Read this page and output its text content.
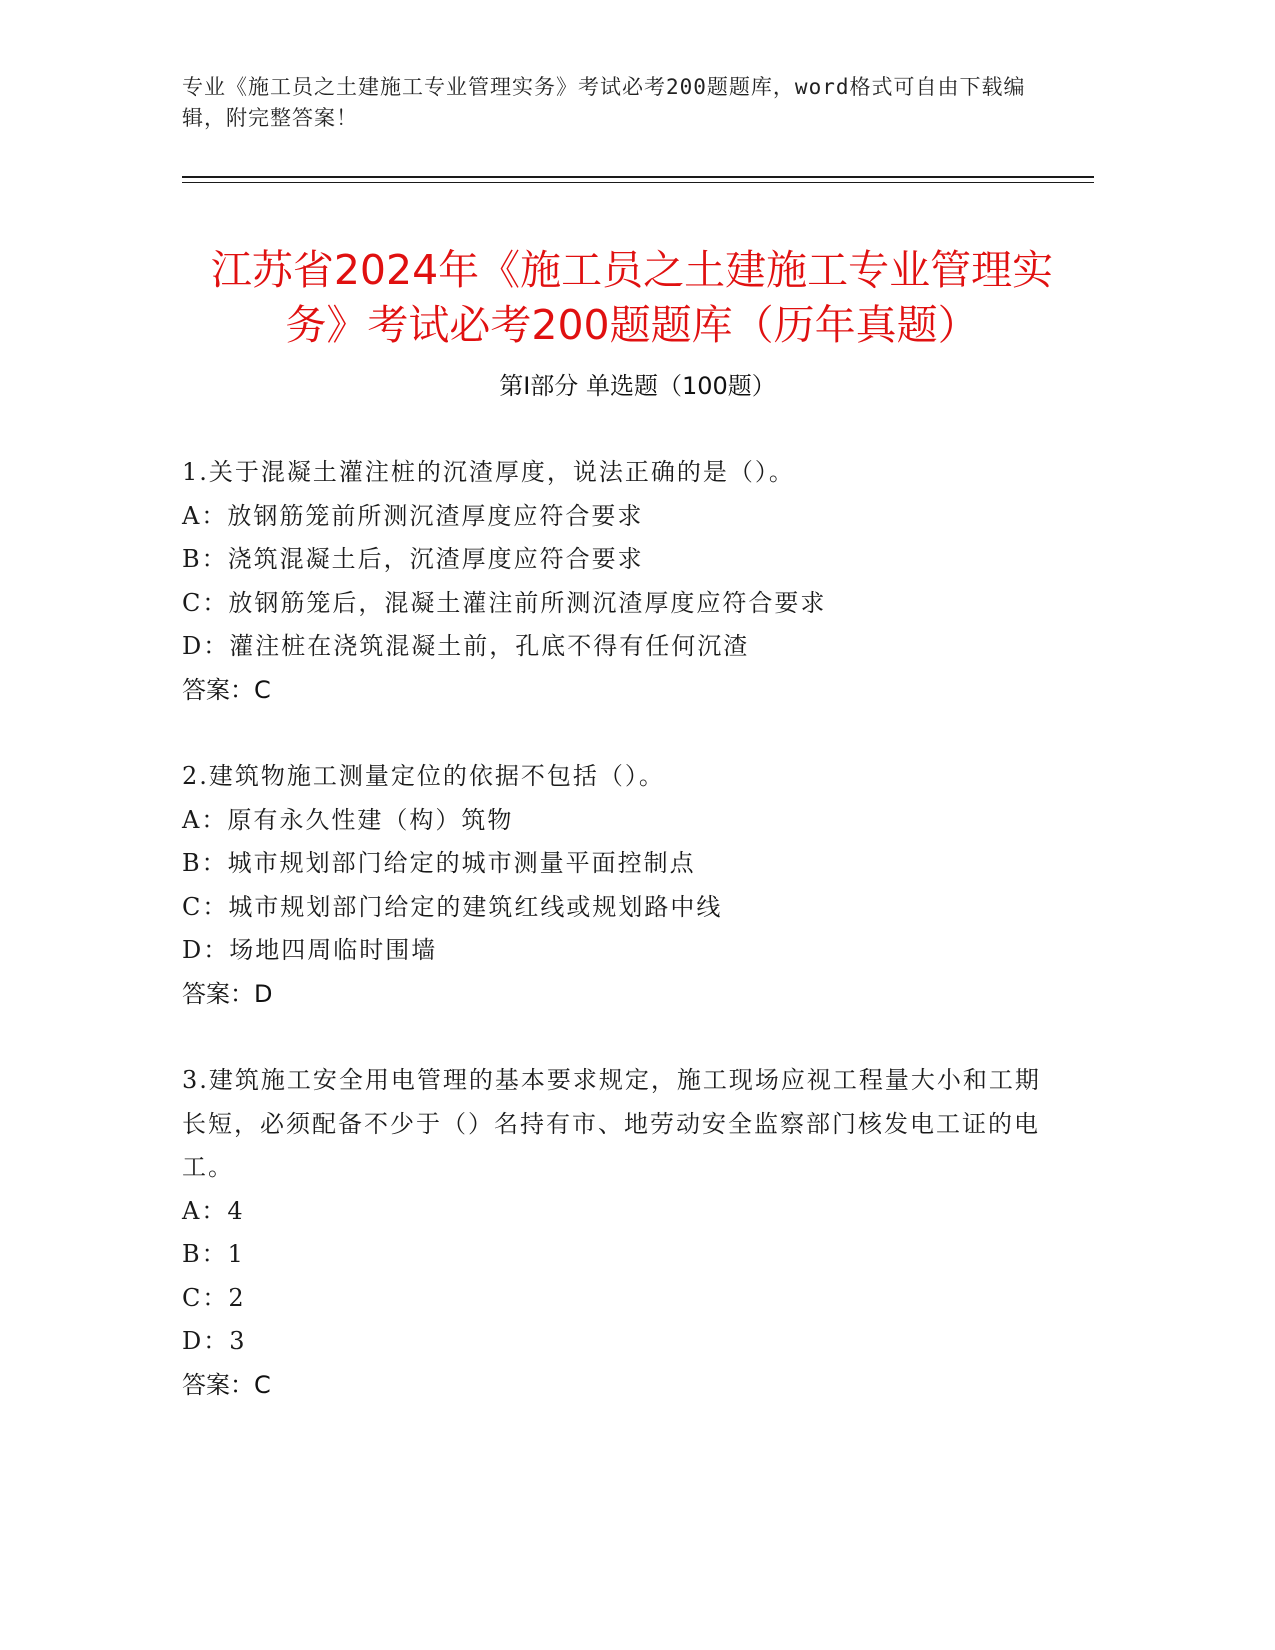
专业《施工员之土建施工专业管理实务》考试必考200题题库，word格式可自由下载编辑，附完整答案！
江苏省2024年《施工员之土建施工专业管理实务》考试必考200题题库（历年真题）
第I部分 单选题（100题）
1.关于混凝土灌注桩的沉渣厚度，说法正确的是（）。
A：放钢筋笼前所测沉渣厚度应符合要求
B：浇筑混凝土后，沉渣厚度应符合要求
C：放钢筋笼后，混凝土灌注前所测沉渣厚度应符合要求
D：灌注桩在浇筑混凝土前，孔底不得有任何沉渣
答案：C
2.建筑物施工测量定位的依据不包括（）。
A：原有永久性建（构）筑物
B：城市规划部门给定的城市测量平面控制点
C：城市规划部门给定的建筑红线或规划路中线
D：场地四周临时围墙
答案：D
3.建筑施工安全用电管理的基本要求规定，施工现场应视工程量大小和工期长短，必须配备不少于（）名持有市、地劳动安全监察部门核发电工证的电工。
A：4
B：1
C：2
D：3
答案：C
